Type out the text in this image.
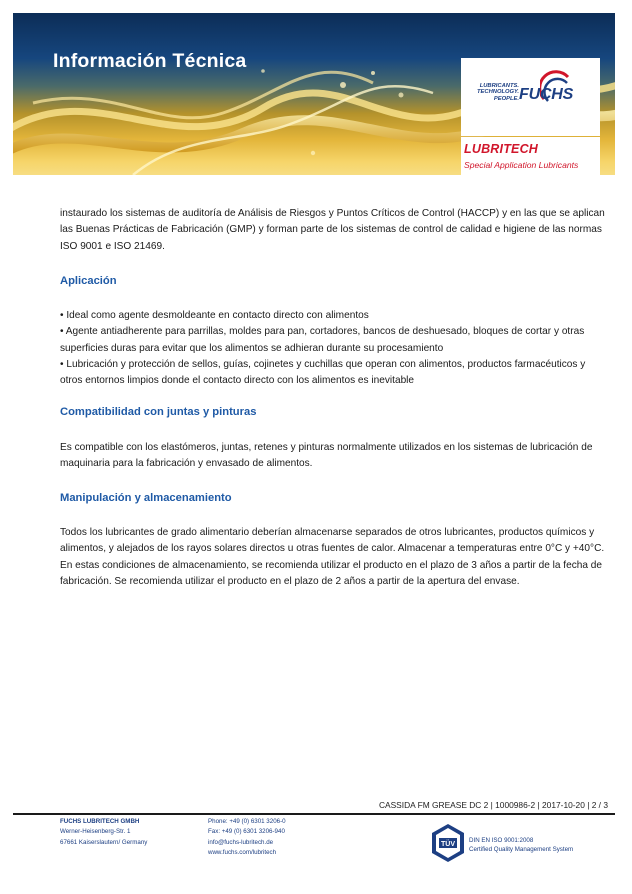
Información Técnica
LUBRICANTS.
TECHNOLOGY.
PEOPLE. FUCHS
LUBRITECH
Special Application Lubricants

instaurado los sistemas de auditoría de Análisis de Riesgos y Puntos Críticos de Control (HACCP) y en las que se aplican las Buenas Prácticas de Fabricación (GMP) y forman parte de los sistemas de control de calidad e higiene de las normas ISO 9001 e ISO 21469.

Aplicación
• Ideal como agente desmoldeante en contacto directo con alimentos
• Agente antiadherente para parrillas, moldes para pan, cortadores, bancos de deshuesado, bloques de cortar y otras superficies duras para evitar que los alimentos se adhieran durante su procesamiento
• Lubricación y protección de sellos, guías, cojinetes y cuchillas que operan con alimentos, productos farmacéuticos y otros entornos limpios donde el contacto directo con los alimentos es inevitable
Compatibilidad con juntas y pinturas

Es compatible con los elastómeros, juntas, retenes y pinturas normalmente utilizados en los sistemas de lubricación de maquinaria para la fabricación y envasado de alimentos.

Manipulación y almacenamiento

Todos los lubricantes de grado alimentario deberían almacenarse separados de otros lubricantes, productos químicos y alimentos, y alejados de los rayos solares directos u otras fuentes de calor. Almacenar a temperaturas entre 0°C y +40°C. En estas condiciones de almacenamiento, se recomienda utilizar el producto en el plazo de 3 años a partir de la fecha de fabricación. Se recomienda utilizar el producto en el plazo de 2 años a partir de la apertura del envase.

CASSIDA FM GREASE DC 2 | 1000986-2 | 2017-10-20 | 2 / 3
FUCHS LUBRITECH GMBH
Werner-Heisenberg-Str. 1
67661 Kaiserslautern/ Germany
Phone: +49 (0) 6301 3206-0
Fax: +49 (0) 6301 3206-940
info@fuchs-lubritech.de
www.fuchs.com/lubritech
TÜV
DIN EN ISO 9001:2008
Certified Quality Management System
